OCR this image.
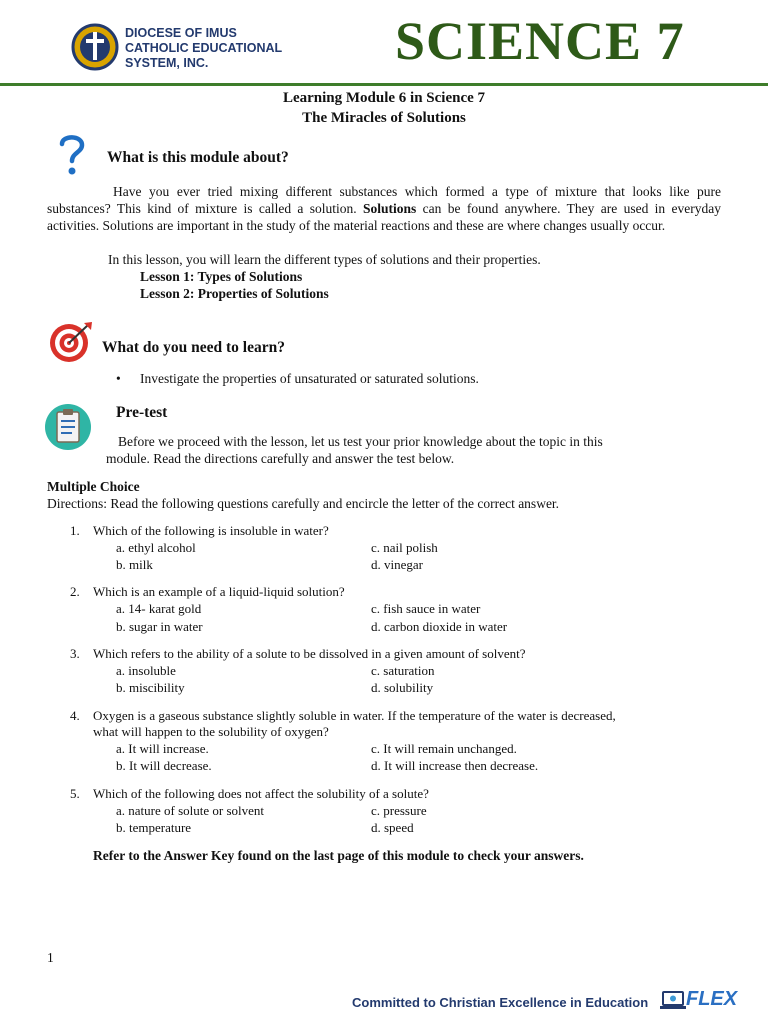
DIOCESE OF IMUS
CATHOLIC EDUCATIONAL
SYSTEM, INC.	SCIENCE 7
Learning Module 6 in Science 7
The Miracles of Solutions
What is this module about?
Have you ever tried mixing different substances which formed a type of mixture that looks like pure substances? This kind of mixture is called a solution. Solutions can be found anywhere. They are used in everyday activities. Solutions are important in the study of the material reactions and these are where changes usually occur.
In this lesson, you will learn the different types of solutions and their properties.
Lesson 1: Types of Solutions
Lesson 2: Properties of Solutions
What do you need to learn?
• Investigate the properties of unsaturated or saturated solutions.
Pre-test
Before we proceed with the lesson, let us test your prior knowledge about the topic in this
module. Read the directions carefully and answer the test below.
Multiple Choice
Directions: Read the following questions carefully and encircle the letter of the correct answer.
1. Which of the following is insoluble in water?
a. ethyl alcohol	c. nail polish
b. milk	d. vinegar
2. Which is an example of a liquid-liquid solution?
a. 14- karat gold	c. fish sauce in water
b. sugar in water	d. carbon dioxide in water
3. Which refers to the ability of a solute to be dissolved in a given amount of solvent?
a. insoluble	c. saturation
b. miscibility	d. solubility
4. Oxygen is a gaseous substance slightly soluble in water. If the temperature of the water is decreased,
what will happen to the solubility of oxygen?
a. It will increase.	c. It will remain unchanged.
b. It will decrease.	d. It will increase then decrease.
5. Which of the following does not affect the solubility of a solute?
a. nature of solute or solvent	c. pressure
b. temperature	d. speed
Refer to the Answer Key found on the last page of this module to check your answers.
1
Committed to Christian Excellence in Education FLEX
